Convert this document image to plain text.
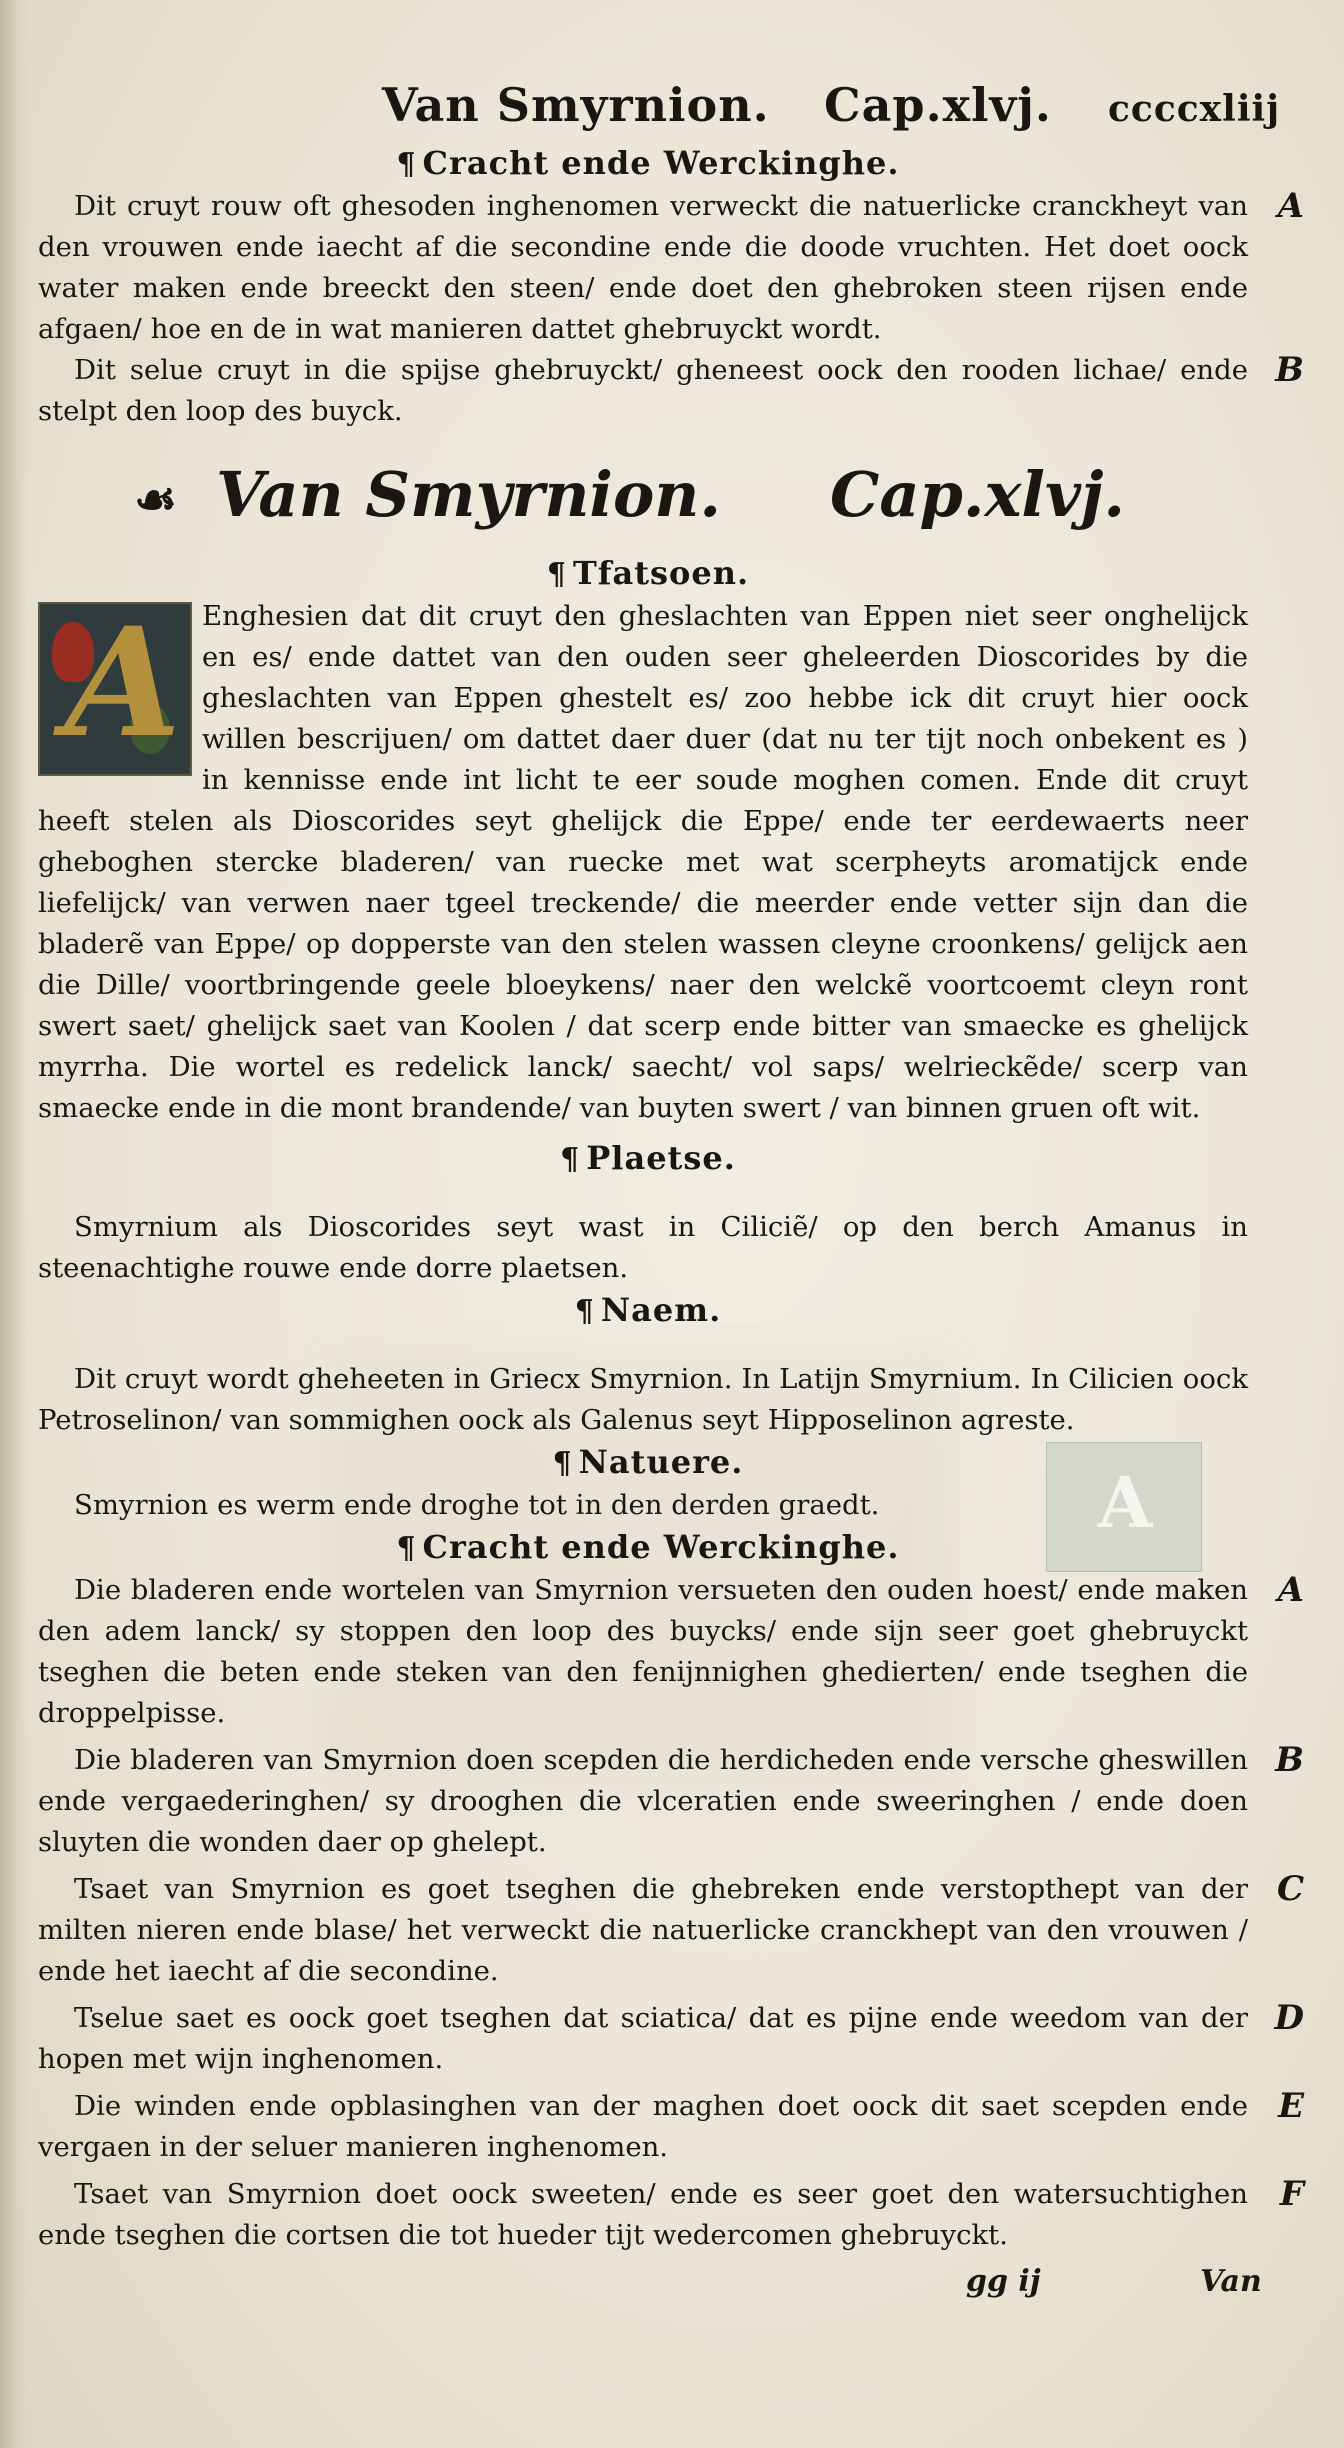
Van Smyrnion. Cap.xlvj. ccccxliij
¶ Cracht ende Werckinghe.

Dit cruyt rouw oft ghesoden inghenomen verweckt die natuerlicke cranckheyt van den vrouwen ende iaecht af die secondine ende die doode vruchten. Het doet oock water maken ende breeckt den steen/ ende doet den ghebroken steen rijsen ende afgaen/ hoe en de in wat manieren dattet ghebruyckt wordt.
A

Dit selue cruyt in die spijse ghebruyckt/ gheneest oock den rooden lichae/ ende stelpt den loop des buyck.
B

☙ Van Smyrnion. Cap.xlvj.
¶ Tfatsoen.
A Enghesien dat dit cruyt den gheslachten van Eppen niet seer onghelijck en es/ ende dattet van den ouden seer gheleerden Dioscorides by die gheslachten van Eppen ghestelt es/ zoo hebbe ick dit cruyt hier oock willen bescrijuen/ om dattet daer duer (dat nu ter tijt noch onbekent es ) in kennisse ende int licht te eer soude moghen comen. Ende dit cruyt heeft stelen als Dioscorides seyt ghelijck die Eppe/ ende ter eerdewaerts neer gheboghen stercke bladeren/ van ruecke met wat scerpheyts aromatijck ende liefelijck/ van verwen naer tgeel treckende/ die meerder ende vetter sijn dan die bladerẽ van Eppe/ op dopperste van den stelen wassen cleyne croonkens/ gelijck aen die Dille/ voortbringende geele bloeykens/ naer den welckẽ voortcoemt cleyn ront swert saet/ ghelijck saet van Koolen / dat scerp ende bitter van smaecke es ghelijck myrrha. Die wortel es redelick lanck/ saecht/ vol saps/ welrieckẽde/ scerp van smaecke ende in die mont brandende/ van buyten swert / van binnen gruen oft wit.

¶ Plaetse.

Smyrnium als Dioscorides seyt wast in Ciliciẽ/ op den berch Amanus in steenachtighe rouwe ende dorre plaetsen.

¶ Naem.

Dit cruyt wordt gheheeten in Griecx Smyrnion. In Latijn Smyrnium. In Cilicien oock Petroselinon/ van sommighen oock als Galenus seyt Hipposelinon agreste.

¶ Natuere.

Smyrnion es werm ende droghe tot in den derden graedt.

¶ Cracht ende Werckinghe.

Die bladeren ende wortelen van Smyrnion versueten den ouden hoest/ ende maken den adem lanck/ sy stoppen den loop des buycks/ ende sijn seer goet ghebruyckt tseghen die beten ende steken van den fenijnnighen ghedierten/ ende tseghen die droppelpisse.
A

Die bladeren van Smyrnion doen scepden die herdicheden ende versche gheswillen ende vergaederinghen/ sy drooghen die vlceratien ende sweeringhen / ende doen sluyten die wonden daer op ghelept.
B

Tsaet van Smyrnion es goet tseghen die ghebreken ende verstopthept van der milten nieren ende blase/ het verweckt die natuerlicke cranckhept van den vrouwen / ende het iaecht af die secondine.
C

Tselue saet es oock goet tseghen dat sciatica/ dat es pijne ende weedom van der hopen met wijn inghenomen.
D

Die winden ende opblasinghen van der maghen doet oock dit saet scepden ende vergaen in der seluer manieren inghenomen.
E

Tsaet van Smyrnion doet oock sweeten/ ende es seer goet den watersuchtighen ende tseghen die cortsen die tot hueder tijt wedercomen ghebruyckt.
F

gg ij	Van
A
